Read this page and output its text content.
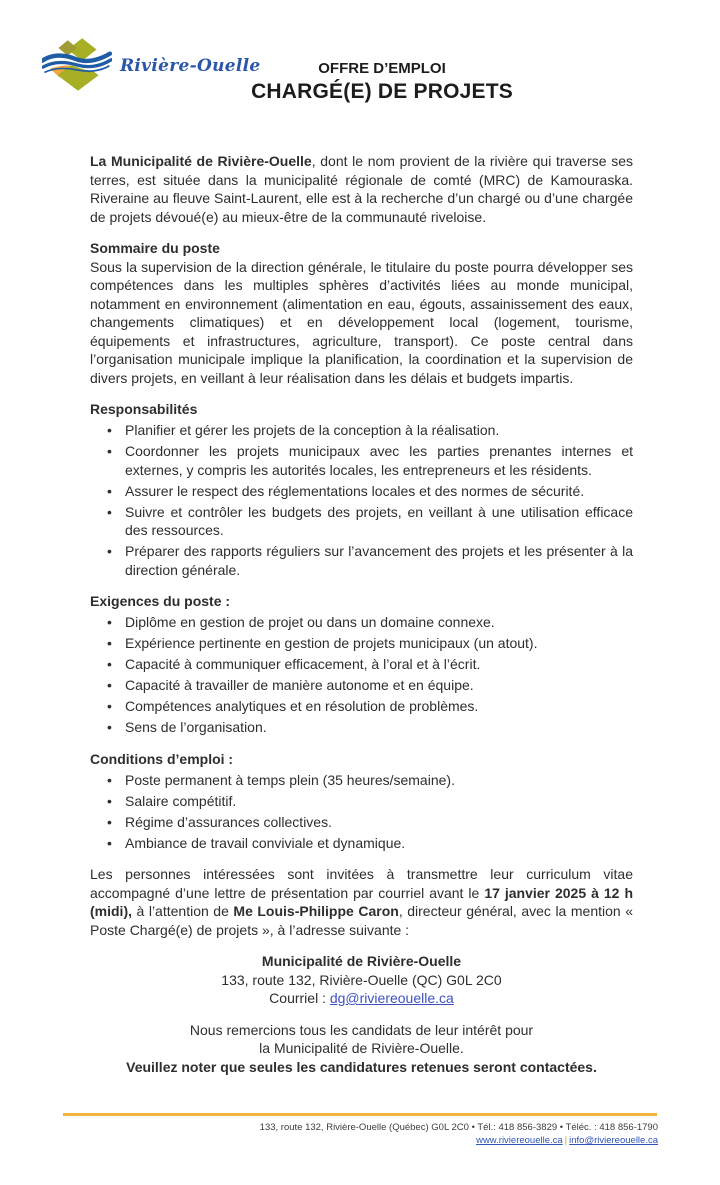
Rivière-Ouelle	OFFRE D’EMPLOI
CHARGÉ(E) DE PROJETS

La Municipalité de Rivière-Ouelle, dont le nom provient de la rivière qui traverse ses terres, est située dans la municipalité régionale de comté (MRC) de Kamouraska. Riveraine au fleuve Saint-Laurent, elle est à la recherche d’un chargé ou d’une chargée de projets dévoué(e) au mieux-être de la communauté riveloise.

Sommaire du poste

Sous la supervision de la direction générale, le titulaire du poste pourra développer ses compétences dans les multiples sphères d’activités liées au monde municipal, notamment en environnement (alimentation en eau, égouts, assainissement des eaux, changements climatiques) et en développement local (logement, tourisme, équipements et infrastructures, agriculture, transport). Ce poste central dans l’organisation municipale implique la planification, la coordination et la supervision de divers projets, en veillant à leur réalisation dans les délais et budgets impartis.

Responsabilités
• Planifier et gérer les projets de la conception à la réalisation.
• Coordonner les projets municipaux avec les parties prenantes internes et externes, y compris les autorités locales, les entrepreneurs et les résidents.
• Assurer le respect des réglementations locales et des normes de sécurité.
• Suivre et contrôler les budgets des projets, en veillant à une utilisation efficace des ressources.
• Préparer des rapports réguliers sur l’avancement des projets et les présenter à la direction générale.
Exigences du poste :
• Diplôme en gestion de projet ou dans un domaine connexe.
• Expérience pertinente en gestion de projets municipaux (un atout).
• Capacité à communiquer efficacement, à l’oral et à l’écrit.
• Capacité à travailler de manière autonome et en équipe.
• Compétences analytiques et en résolution de problèmes.
• Sens de l’organisation.
Conditions d’emploi :
• Poste permanent à temps plein (35 heures/semaine).
• Salaire compétitif.
• Régime d’assurances collectives.
• Ambiance de travail conviviale et dynamique.

Les personnes intéressées sont invitées à transmettre leur curriculum vitae accompagné d’une lettre de présentation par courriel avant le 17 janvier 2025 à 12 h (midi), à l’attention de Me Louis-Philippe Caron, directeur général, avec la mention « Poste Chargé(e) de projets », à l’adresse suivante :

Municipalité de Rivière-Ouelle
133, route 132, Rivière-Ouelle (QC) G0L 2C0
Courriel : dg@riviereouelle.ca
Nous remercions tous les candidats de leur intérêt pour
la Municipalité de Rivière-Ouelle.
Veuillez noter que seules les candidatures retenues seront contactées.
133, route 132, Rivière-Ouelle (Québec) G0L 2C0 • Tél.: 418 856-3829 • Téléc. : 418 856-1790
www.riviereouelle.ca | info@riviereouelle.ca
